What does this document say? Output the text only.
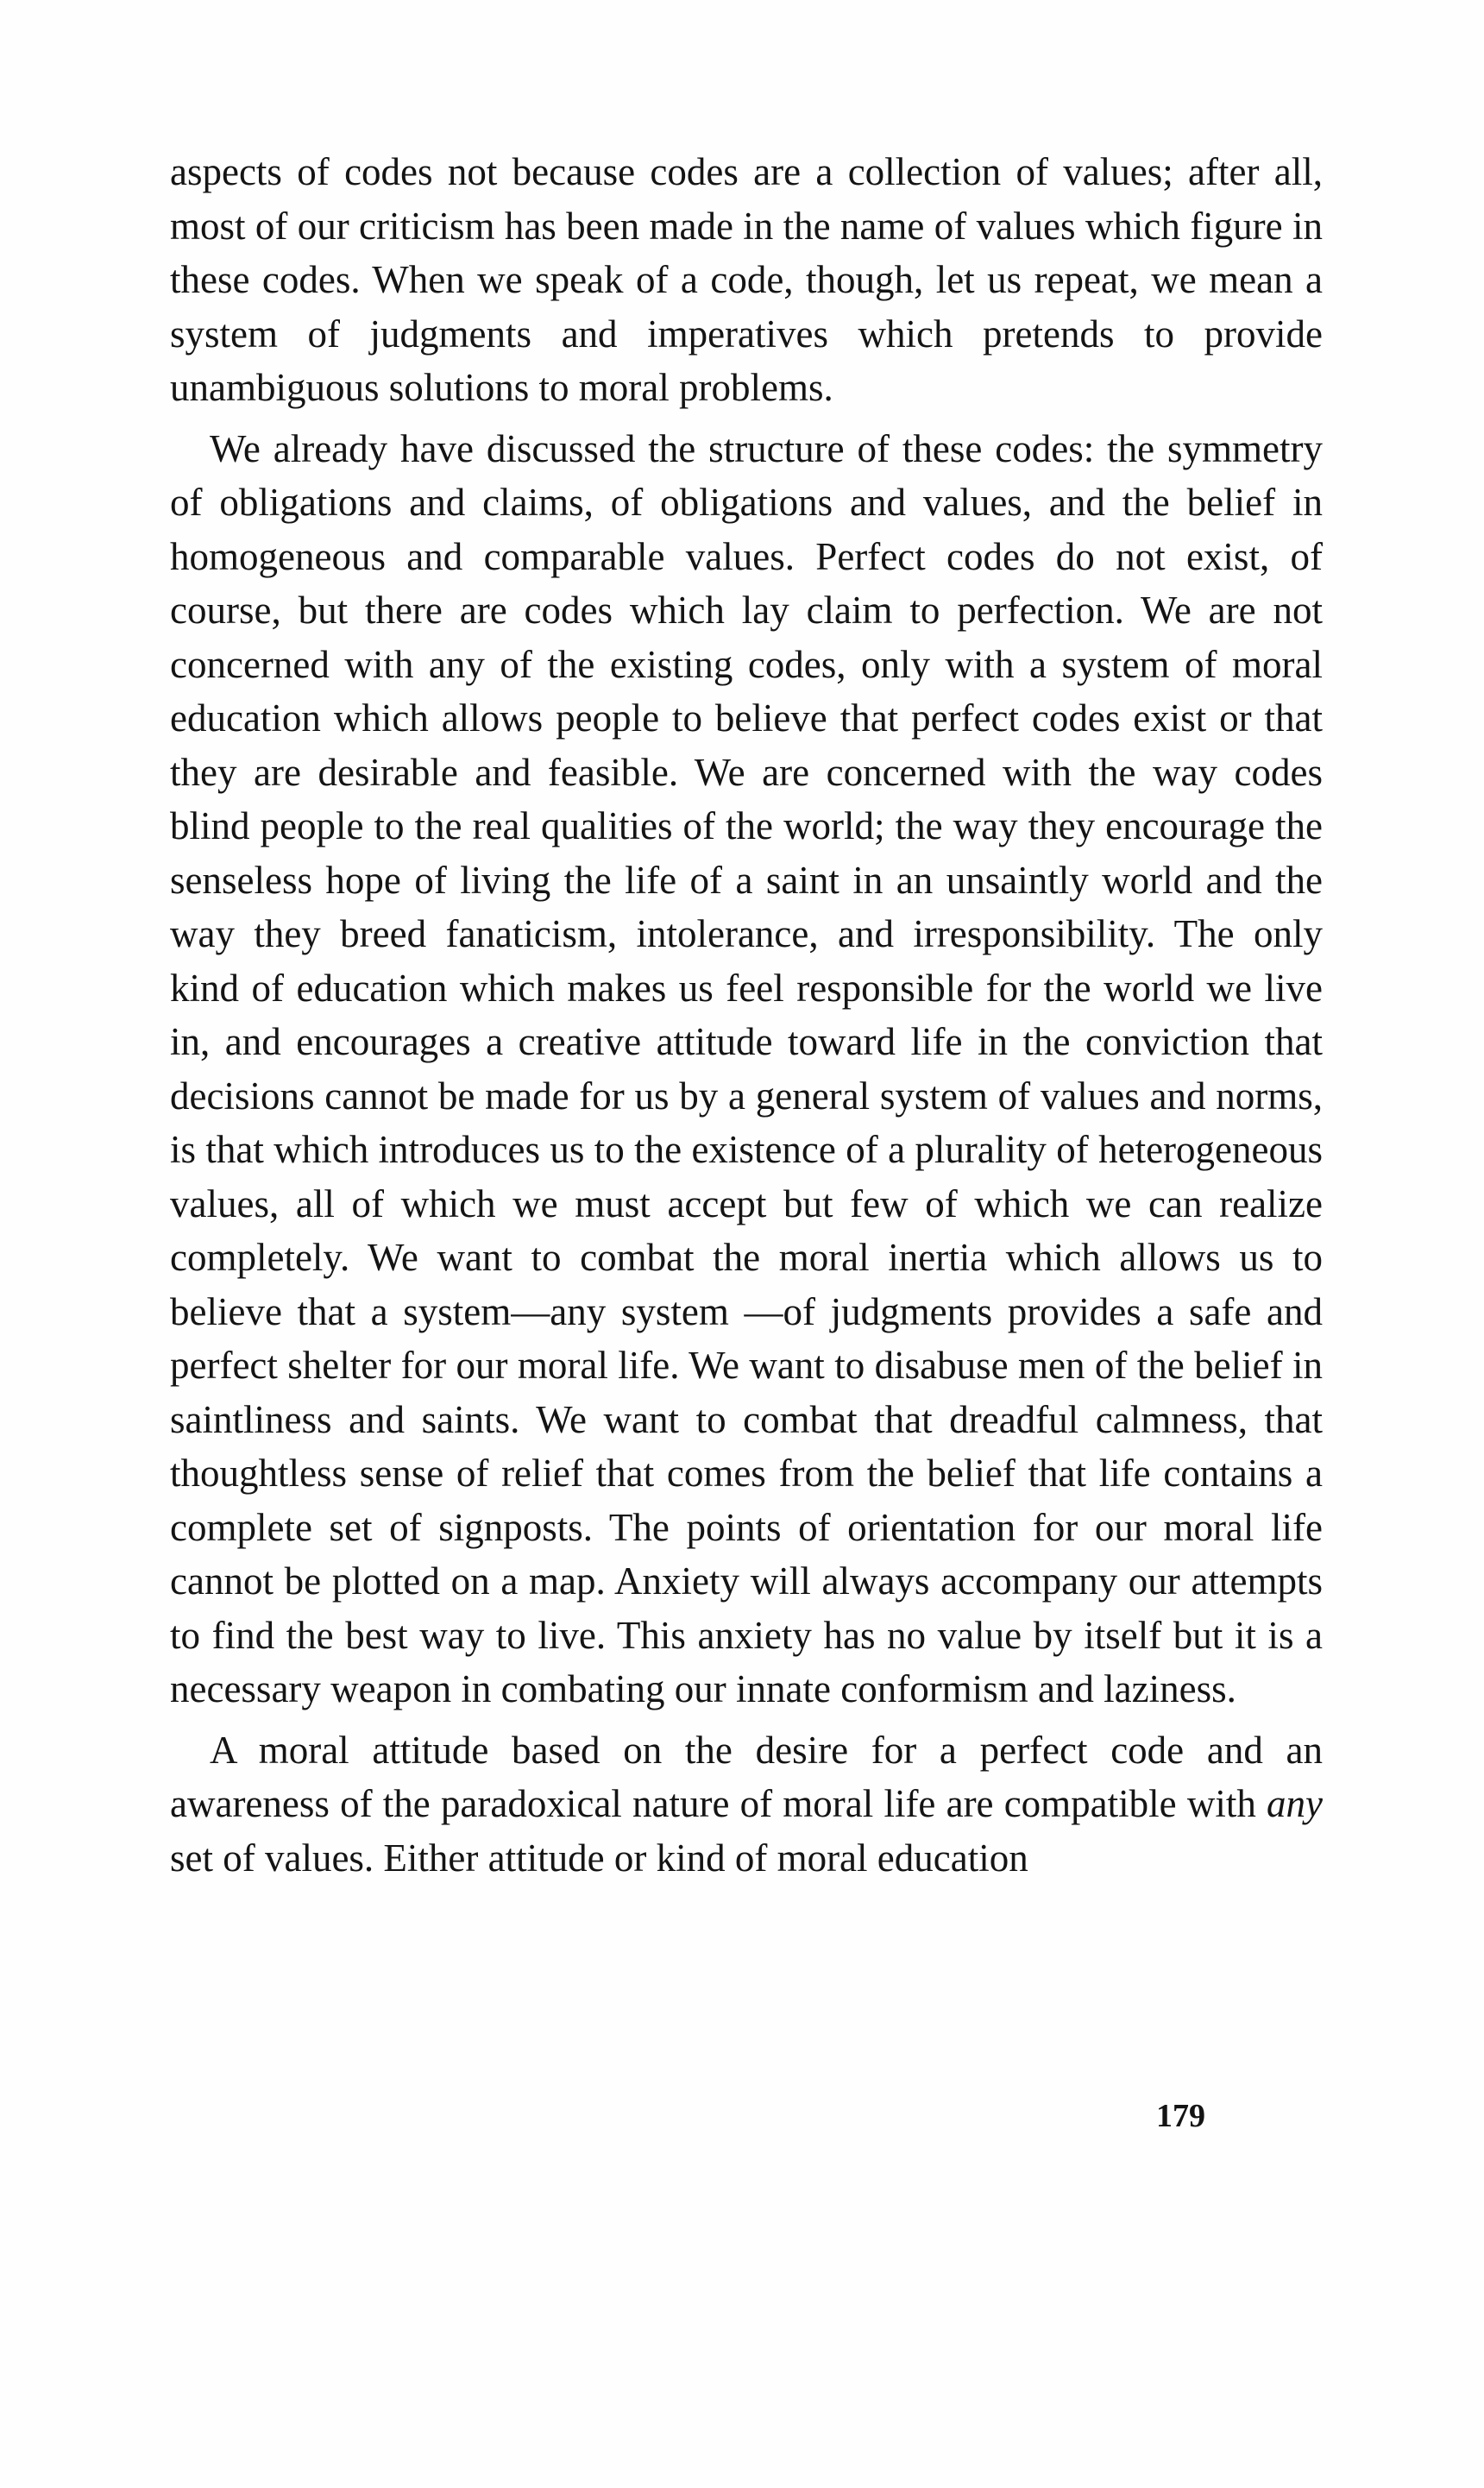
aspects of codes not because codes are a collection of values; after all, most of our criticism has been made in the name of values which figure in these codes. When we speak of a code, though, let us repeat, we mean a system of judgments and imperatives which pretends to provide unambiguous solutions to moral problems.

We already have discussed the structure of these codes: the symmetry of obligations and claims, of obligations and values, and the belief in homogeneous and comparable values. Perfect codes do not exist, of course, but there are codes which lay claim to perfection. We are not concerned with any of the existing codes, only with a system of moral education which allows people to believe that perfect codes exist or that they are desirable and feasible. We are concerned with the way codes blind people to the real qualities of the world; the way they encourage the senseless hope of living the life of a saint in an unsaintly world and the way they breed fanaticism, intolerance, and irresponsibility. The only kind of education which makes us feel responsible for the world we live in, and encourages a creative attitude toward life in the conviction that decisions cannot be made for us by a general system of values and norms, is that which introduces us to the existence of a plurality of heterogeneous values, all of which we must accept but few of which we can realize completely. We want to combat the moral inertia which allows us to believe that a system—any system —of judgments provides a safe and perfect shelter for our moral life. We want to disabuse men of the belief in saintliness and saints. We want to combat that dreadful calmness, that thoughtless sense of relief that comes from the belief that life contains a complete set of signposts. The points of orientation for our moral life cannot be plotted on a map. Anxiety will always accompany our attempts to find the best way to live. This anxiety has no value by itself but it is a necessary weapon in combating our innate conformism and laziness.

A moral attitude based on the desire for a perfect code and an awareness of the paradoxical nature of moral life are compatible with any set of values. Either attitude or kind of moral education

179
